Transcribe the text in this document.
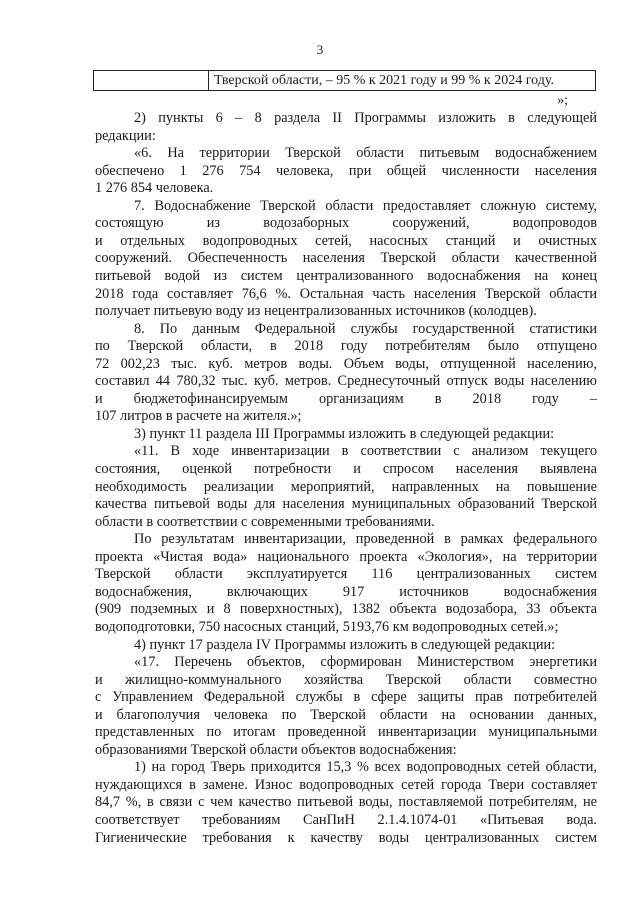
3
Тверской области, – 95 % к 2021 году и 99 % к 2024 году.
»;
2) пункты 6 – 8 раздела II Программы изложить в следующей
редакции:
«6. На территории Тверской области питьевым водоснабжением
обеспечено 1 276 754 человека, при общей численности населения
1 276 854 человека.
7. Водоснабжение Тверской области предоставляет сложную систему,
состоящую из водозаборных сооружений, водопроводов
и отдельных водопроводных сетей, насосных станций и очистных
сооружений. Обеспеченность населения Тверской области качественной
питьевой водой из систем централизованного водоснабжения на конец
2018 года составляет 76,6 %. Остальная часть населения Тверской области
получает питьевую воду из нецентрализованных источников (колодцев).
8. По данным Федеральной службы государственной статистики
по Тверской области, в 2018 году потребителям было отпущено
72 002,23 тыс. куб. метров воды. Объем воды, отпущенной населению,
составил 44 780,32 тыс. куб. метров. Среднесуточный отпуск воды населению
и бюджетофинансируемым организациям в 2018 году –
107 литров в расчете на жителя.»;
3) пункт 11 раздела III Программы изложить в следующей редакции:
«11. В ходе инвентаризации в соответствии с анализом текущего
состояния, оценкой потребности и спросом населения выявлена
необходимость реализации мероприятий, направленных на повышение
качества питьевой воды для населения муниципальных образований Тверской
области в соответствии с современными требованиями.
По результатам инвентаризации, проведенной в рамках федерального
проекта «Чистая вода» национального проекта «Экология», на территории
Тверской области эксплуатируется 116 централизованных систем
водоснабжения, включающих 917 источников водоснабжения
(909 подземных и 8 поверхностных), 1382 объекта водозабора, 33 объекта
водоподготовки, 750 насосных станций, 5193,76 км водопроводных сетей.»;
4) пункт 17 раздела IV Программы изложить в следующей редакции:
«17. Перечень объектов, сформирован Министерством энергетики
и жилищно-коммунального хозяйства Тверской области совместно
с Управлением Федеральной службы в сфере защиты прав потребителей
и благополучия человека по Тверской области на основании данных,
представленных по итогам проведенной инвентаризации муниципальными
образованиями Тверской области объектов водоснабжения:
1) на город Тверь приходится 15,3 % всех водопроводных сетей области,
нуждающихся в замене. Износ водопроводных сетей города Твери составляет
84,7 %, в связи с чем качество питьевой воды, поставляемой потребителям, не
соответствует требованиям СанПиН 2.1.4.1074-01 «Питьевая вода.
Гигиенические требования к качеству воды централизованных систем
